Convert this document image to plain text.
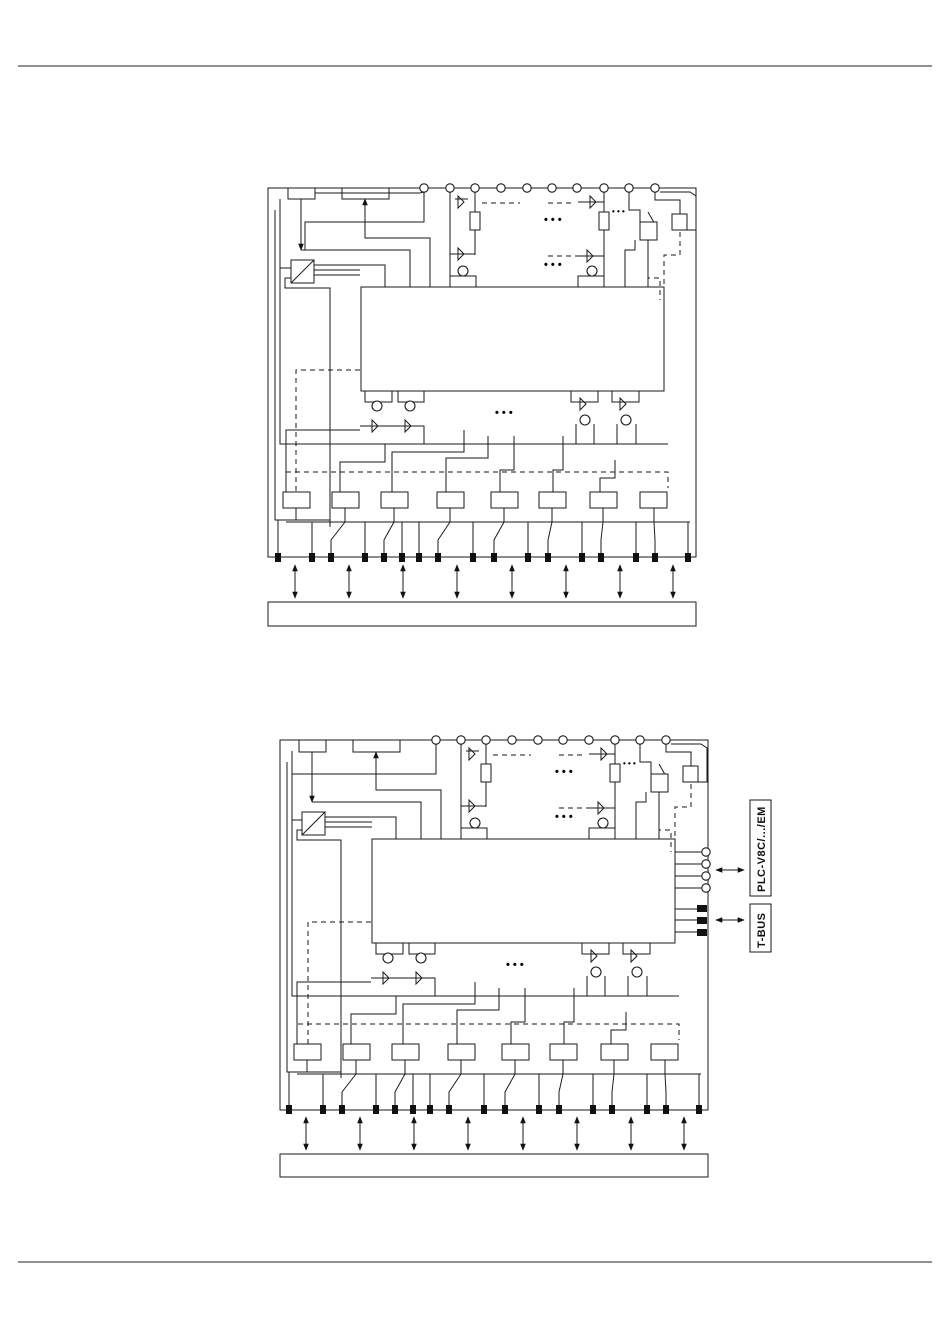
• • •
• • •
• • •
• • •
PLC-V8C/.../EM
T-BUS
• • •
• • •
• • •
• • •
